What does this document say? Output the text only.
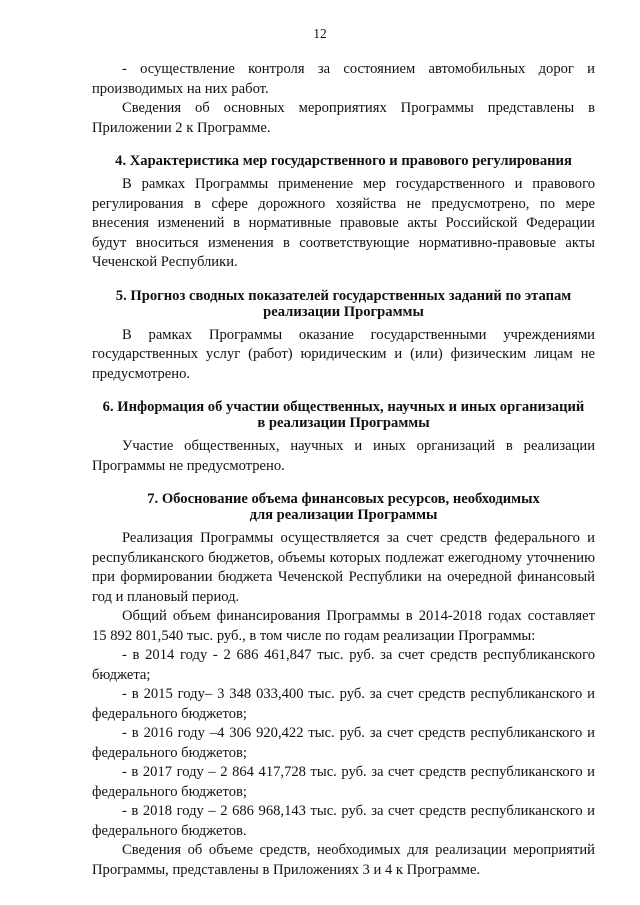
12

- осуществление контроля за состоянием автомобильных дорог и производимых на них работ.

Сведения об основных мероприятиях Программы представлены в Приложении 2 к Программе.

4. Характеристика мер государственного и правового регулирования

В рамках Программы применение мер государственного и правового регулирования в сфере дорожного хозяйства не предусмотрено, по мере внесения изменений в нормативные правовые акты Российской Федерации будут вноситься изменения в соответствующие нормативно-правовые акты Чеченской Республики.

5. Прогноз сводных показателей государственных заданий по этапам
реализации Программы

В рамках Программы оказание государственными учреждениями государственных услуг (работ) юридическим и (или) физическим лицам не предусмотрено.

6. Информация об участии общественных, научных и иных организаций
в реализации Программы

Участие общественных, научных и иных организаций в реализации Программы не предусмотрено.

7. Обоснование объема финансовых ресурсов, необходимых
для реализации Программы

Реализация Программы осуществляется за счет средств федерального и республиканского бюджетов, объемы которых подлежат ежегодному уточнению при формировании бюджета Чеченской Республики на очередной финансовый год и плановый период.

Общий объем финансирования Программы в 2014-2018 годах составляет 15 892 801,540 тыс. руб., в том числе по годам реализации Программы:

- в 2014 году - 2 686 461,847 тыс. руб. за счет средств республиканского бюджета;

- в 2015 году– 3 348 033,400 тыс. руб. за счет средств республиканского и федерального бюджетов;

- в 2016 году –4 306 920,422 тыс. руб. за счет средств республиканского и федерального бюджетов;

- в 2017 году – 2 864 417,728 тыс. руб. за счет средств республиканского и федерального бюджетов;

- в 2018 году – 2 686 968,143 тыс. руб. за счет средств республиканского и федерального бюджетов.

Сведения об объеме средств, необходимых для реализации мероприятий Программы, представлены в Приложениях 3 и 4 к Программе.
